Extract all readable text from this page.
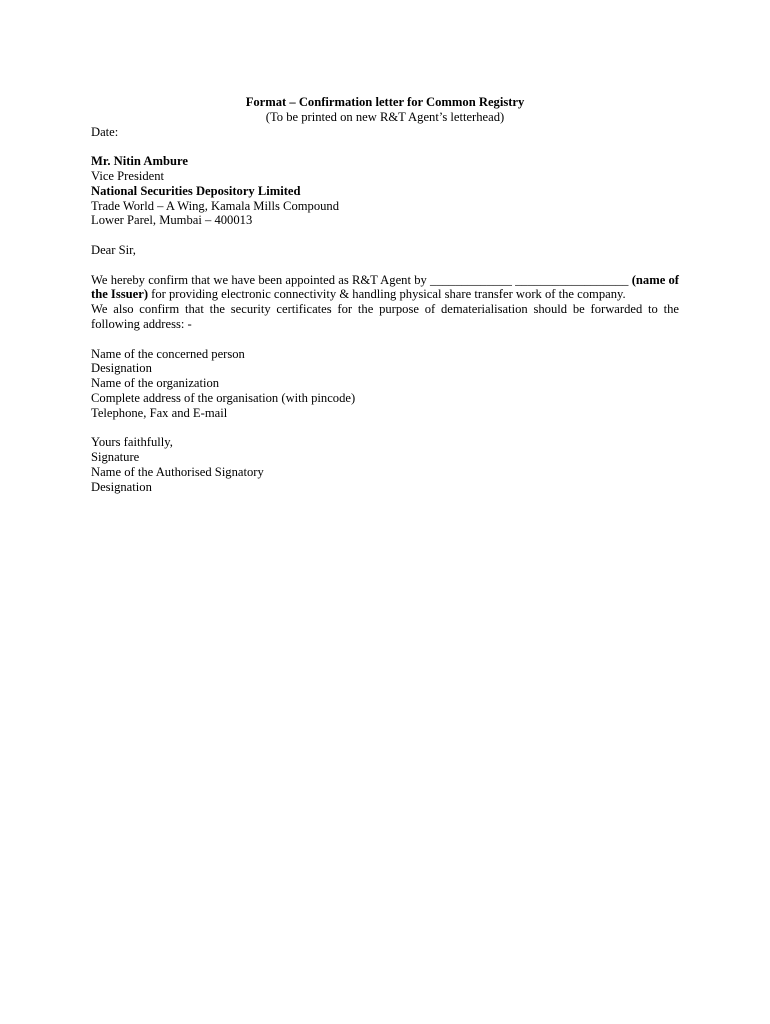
Format – Confirmation letter for Common Registry
(To be printed on new R&T Agent’s letterhead)
Date:
Mr. Nitin Ambure
Vice President
National Securities Depository Limited
Trade World – A Wing, Kamala Mills Compound
Lower Parel, Mumbai – 400013
Dear Sir,
We hereby confirm that we have been appointed as R&T Agent by _____________ __________________ (name of the Issuer) for providing electronic connectivity & handling physical share transfer work of the company.
We also confirm that the security certificates for the purpose of dematerialisation should be forwarded to the following address: -
Name of the concerned person
Designation
Name of the organization
Complete address of the organisation (with pincode)
Telephone, Fax and E-mail
Yours faithfully,
Signature
Name of the Authorised Signatory
Designation
